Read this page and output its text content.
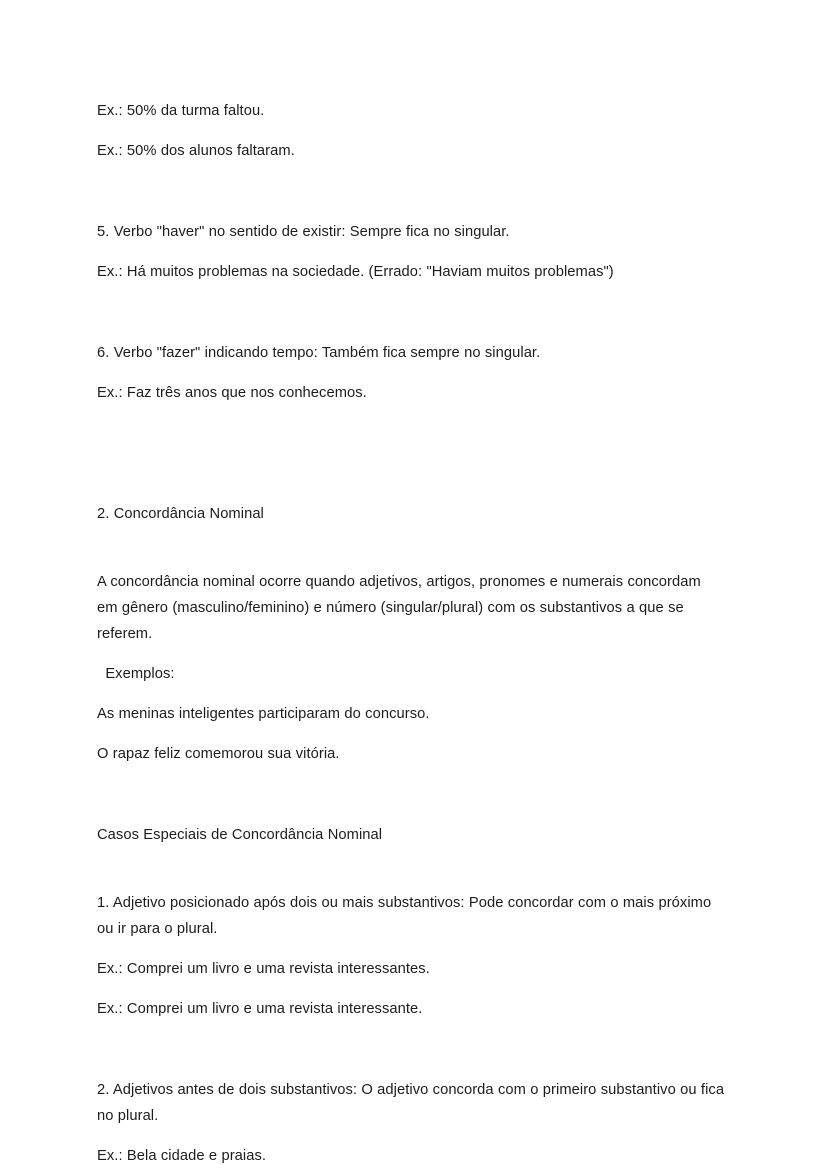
Ex.: 50% da turma faltou.

Ex.: 50% dos alunos faltaram.

5. Verbo "haver" no sentido de existir: Sempre fica no singular.

Ex.: Há muitos problemas na sociedade. (Errado: "Haviam muitos problemas")

6. Verbo "fazer" indicando tempo: Também fica sempre no singular.

Ex.: Faz três anos que nos conhecemos.

2. Concordância Nominal

A concordância nominal ocorre quando adjetivos, artigos, pronomes e numerais concordam em gênero (masculino/feminino) e número (singular/plural) com os substantivos a que se referem.

Exemplos:

As meninas inteligentes participaram do concurso.

O rapaz feliz comemorou sua vitória.

Casos Especiais de Concordância Nominal

1. Adjetivo posicionado após dois ou mais substantivos: Pode concordar com o mais próximo ou ir para o plural.

Ex.: Comprei um livro e uma revista interessantes.

Ex.: Comprei um livro e uma revista interessante.

2. Adjetivos antes de dois substantivos: O adjetivo concorda com o primeiro substantivo ou fica no plural.

Ex.: Bela cidade e praias.
